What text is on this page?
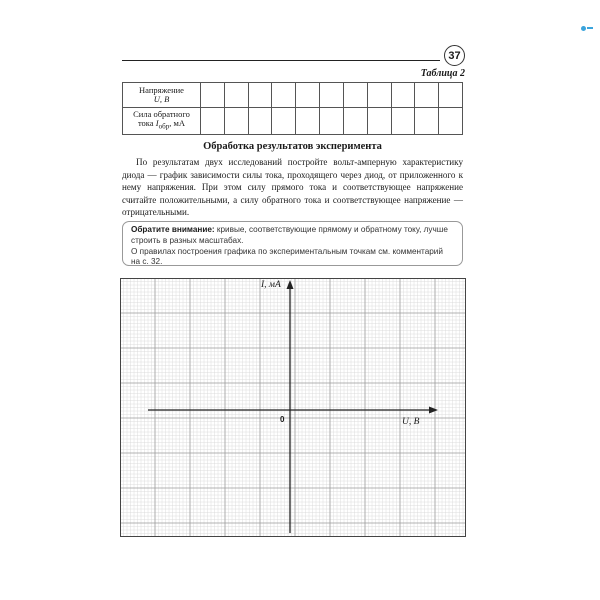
37
Таблица 2
Напряжение
U, В											
Сила обратного
тока $I_{обр}$, мА											
Обработка результатов эксперимента

По результатам двух исследований постройте вольт-амперную характеристику диода — график зависимости силы тока, проходящего через диод, от приложенного к нему напряжения. При этом силу прямого тока и соответствующее напряжение считайте положительными, а силу обратного тока и соответствующее напряжение — отрицательными.

Обратите внимание: кривые, соответствующие прямому и обратному току, лучше строить в разных масштабах.

О правилах построения графика по экспериментальным точкам см. комментарий на с. 32.

I, мА
U, В
0
